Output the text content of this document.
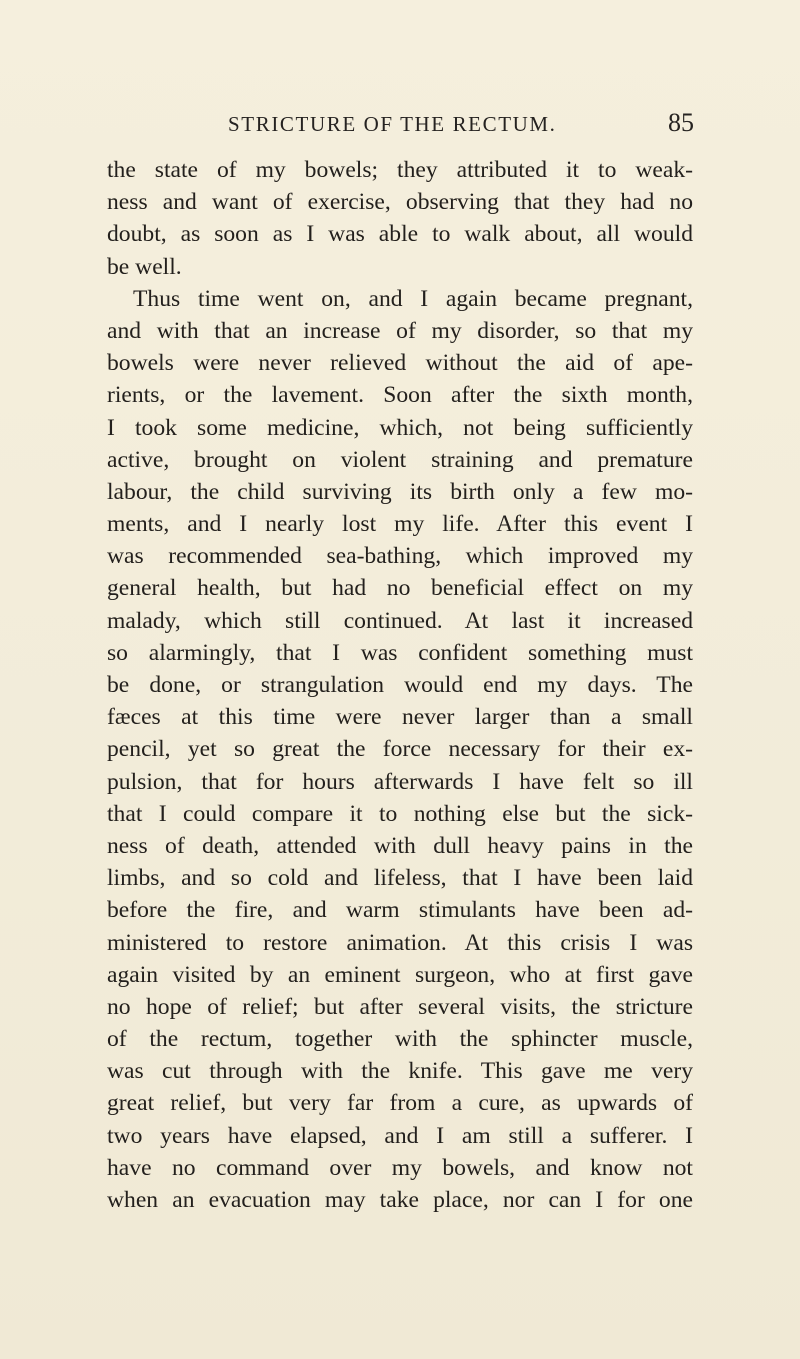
STRICTURE OF THE RECTUM.	85
the state of my bowels; they attributed it to weak-
ness and want of exercise, observing that they had no
doubt, as soon as I was able to walk about, all would
be well.
Thus time went on, and I again became pregnant,
and with that an increase of my disorder, so that my
bowels were never relieved without the aid of ape-
rients, or the lavement. Soon after the sixth month,
I took some medicine, which, not being sufficiently
active, brought on violent straining and premature
labour, the child surviving its birth only a few mo-
ments, and I nearly lost my life. After this event I
was recommended sea-bathing, which improved my
general health, but had no beneficial effect on my
malady, which still continued. At last it increased
so alarmingly, that I was confident something must
be done, or strangulation would end my days. The
fæces at this time were never larger than a small
pencil, yet so great the force necessary for their ex-
pulsion, that for hours afterwards I have felt so ill
that I could compare it to nothing else but the sick-
ness of death, attended with dull heavy pains in the
limbs, and so cold and lifeless, that I have been laid
before the fire, and warm stimulants have been ad-
ministered to restore animation. At this crisis I was
again visited by an eminent surgeon, who at first gave
no hope of relief; but after several visits, the stricture
of the rectum, together with the sphincter muscle,
was cut through with the knife. This gave me very
great relief, but very far from a cure, as upwards of
two years have elapsed, and I am still a sufferer. I
have no command over my bowels, and know not
when an evacuation may take place, nor can I for one
